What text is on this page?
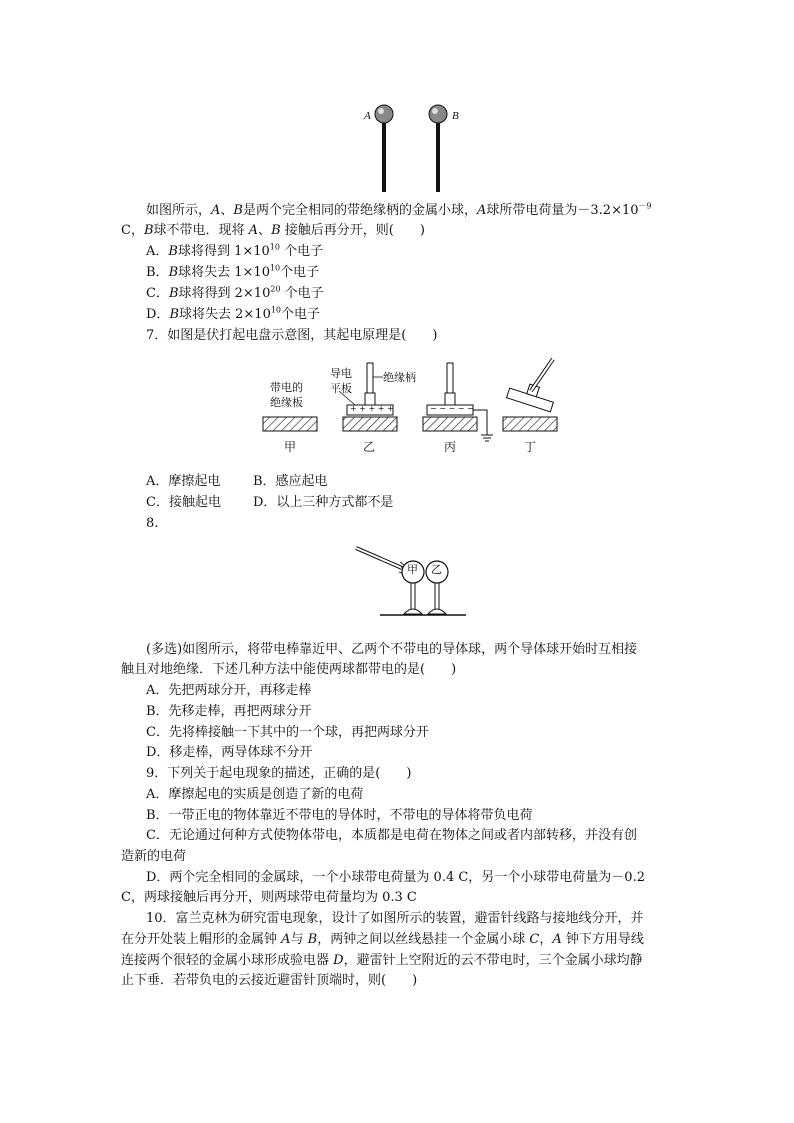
A	B
如图所示，A、B是两个完全相同的带绝缘柄的金属小球，A球所带电荷量为$-3.2\times 10^{-9}$
C，B球不带电．现将 A、B 接触后再分开，则(　　)
A．B球将得到 $1\times 10^{10}$ 个电子
B．B球将失去 $1\times 10^{10}$个电子
C．B球将得到 $2\times 10^{20}$ 个电子
D．B球将失去 $2\times 10^{10}$个电子
7．如图是伏打起电盘示意图，其起电原理是(　　)
带电的
绝缘板
导电
平板
绝缘柄
+ + + + +	− − − − −
甲	乙	丙	丁
A．摩擦起电	B．感应起电
C．接触起电 D．以上三种方式都不是
8.
甲 乙
(多选)如图所示，将带电棒靠近甲、乙两个不带电的导体球，两个导体球开始时互相接
触且对地绝缘．下述几种方法中能使两球都带电的是(　　)
A．先把两球分开，再移走棒
B．先移走棒，再把两球分开
C．先将棒接触一下其中的一个球，再把两球分开
D．移走棒，两导体球不分开
9．下列关于起电现象的描述，正确的是(　　)
A．摩擦起电的实质是创造了新的电荷
B．一带正电的物体靠近不带电的导体时，不带电的导体将带负电荷
C．无论通过何种方式使物体带电，本质都是电荷在物体之间或者内部转移，并没有创
造新的电荷
D．两个完全相同的金属球，一个小球带电荷量为 0.4 C，另一个小球带电荷量为－0.2
C，两球接触后再分开，则两球带电荷量均为 0.3 C
10．富兰克林为研究雷电现象，设计了如图所示的装置，避雷针线路与接地线分开，并
在分开处装上帽形的金属钟 A与 B，两钟之间以丝线悬挂一个金属小球 C，A 钟下方用导线
连接两个很轻的金属小球形成验电器 D，避雷针上空附近的云不带电时，三个金属小球均静
止下垂．若带负电的云接近避雷针顶端时，则(　　)
